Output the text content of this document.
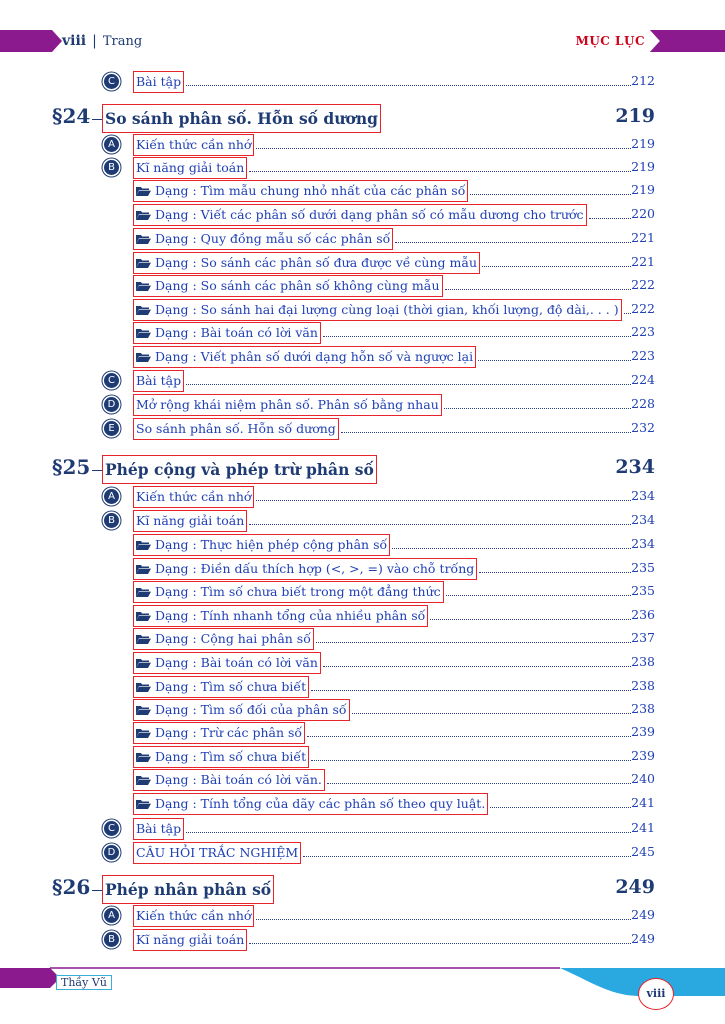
viii | Trang	MỤC LỤC
C	Bài tập	212
§24 So sánh phân số. Hỗn số dương	219
A	Kiến thức cần nhớ	219
B	Kĩ năng giải toán	219
Dạng : Tìm mẫu chung nhỏ nhất của các phân số	219
Dạng : Viết các phân số dưới dạng phân số có mẫu dương cho trước	220
Dạng : Quy đồng mẫu số các phân số	221
Dạng : So sánh các phân số đưa được về cùng mẫu	221
Dạng : So sánh các phân số không cùng mẫu	222
Dạng : So sánh hai đại lượng cùng loại (thời gian, khối lượng, độ dài,. . . ) 222
Dạng : Bài toán có lời văn	223
Dạng : Viết phân số dưới dạng hỗn số và ngược lại	223
C	Bài tập	224
D Mở rộng khái niệm phân số. Phân số bằng nhau	228
E	So sánh phân số. Hỗn số dương	232
§25 Phép cộng và phép trừ phân số	234
A	Kiến thức cần nhớ	234
B	Kĩ năng giải toán	234
Dạng : Thực hiện phép cộng phân số	234
Dạng : Điền dấu thích hợp (<, >, =) vào chỗ trống	235
Dạng : Tìm số chưa biết trong một đẳng thức	235
Dạng : Tính nhanh tổng của nhiều phân số	236
Dạng : Cộng hai phân số	237
Dạng : Bài toán có lời văn	238
Dạng : Tìm số chưa biết	238
Dạng : Tìm số đối của phân số	238
Dạng : Trừ các phân số	239
Dạng : Tìm số chưa biết	239
Dạng : Bài toán có lời văn.	240
Dạng : Tính tổng của dãy các phân số theo quy luật.	241
C	Bài tập	241
D CÂU HỎI TRẮC NGHIỆM	245
§26 Phép nhân phân số	249
A	Kiến thức cần nhớ	249
B	Kĩ năng giải toán	249
Thầy Vũ
viii
